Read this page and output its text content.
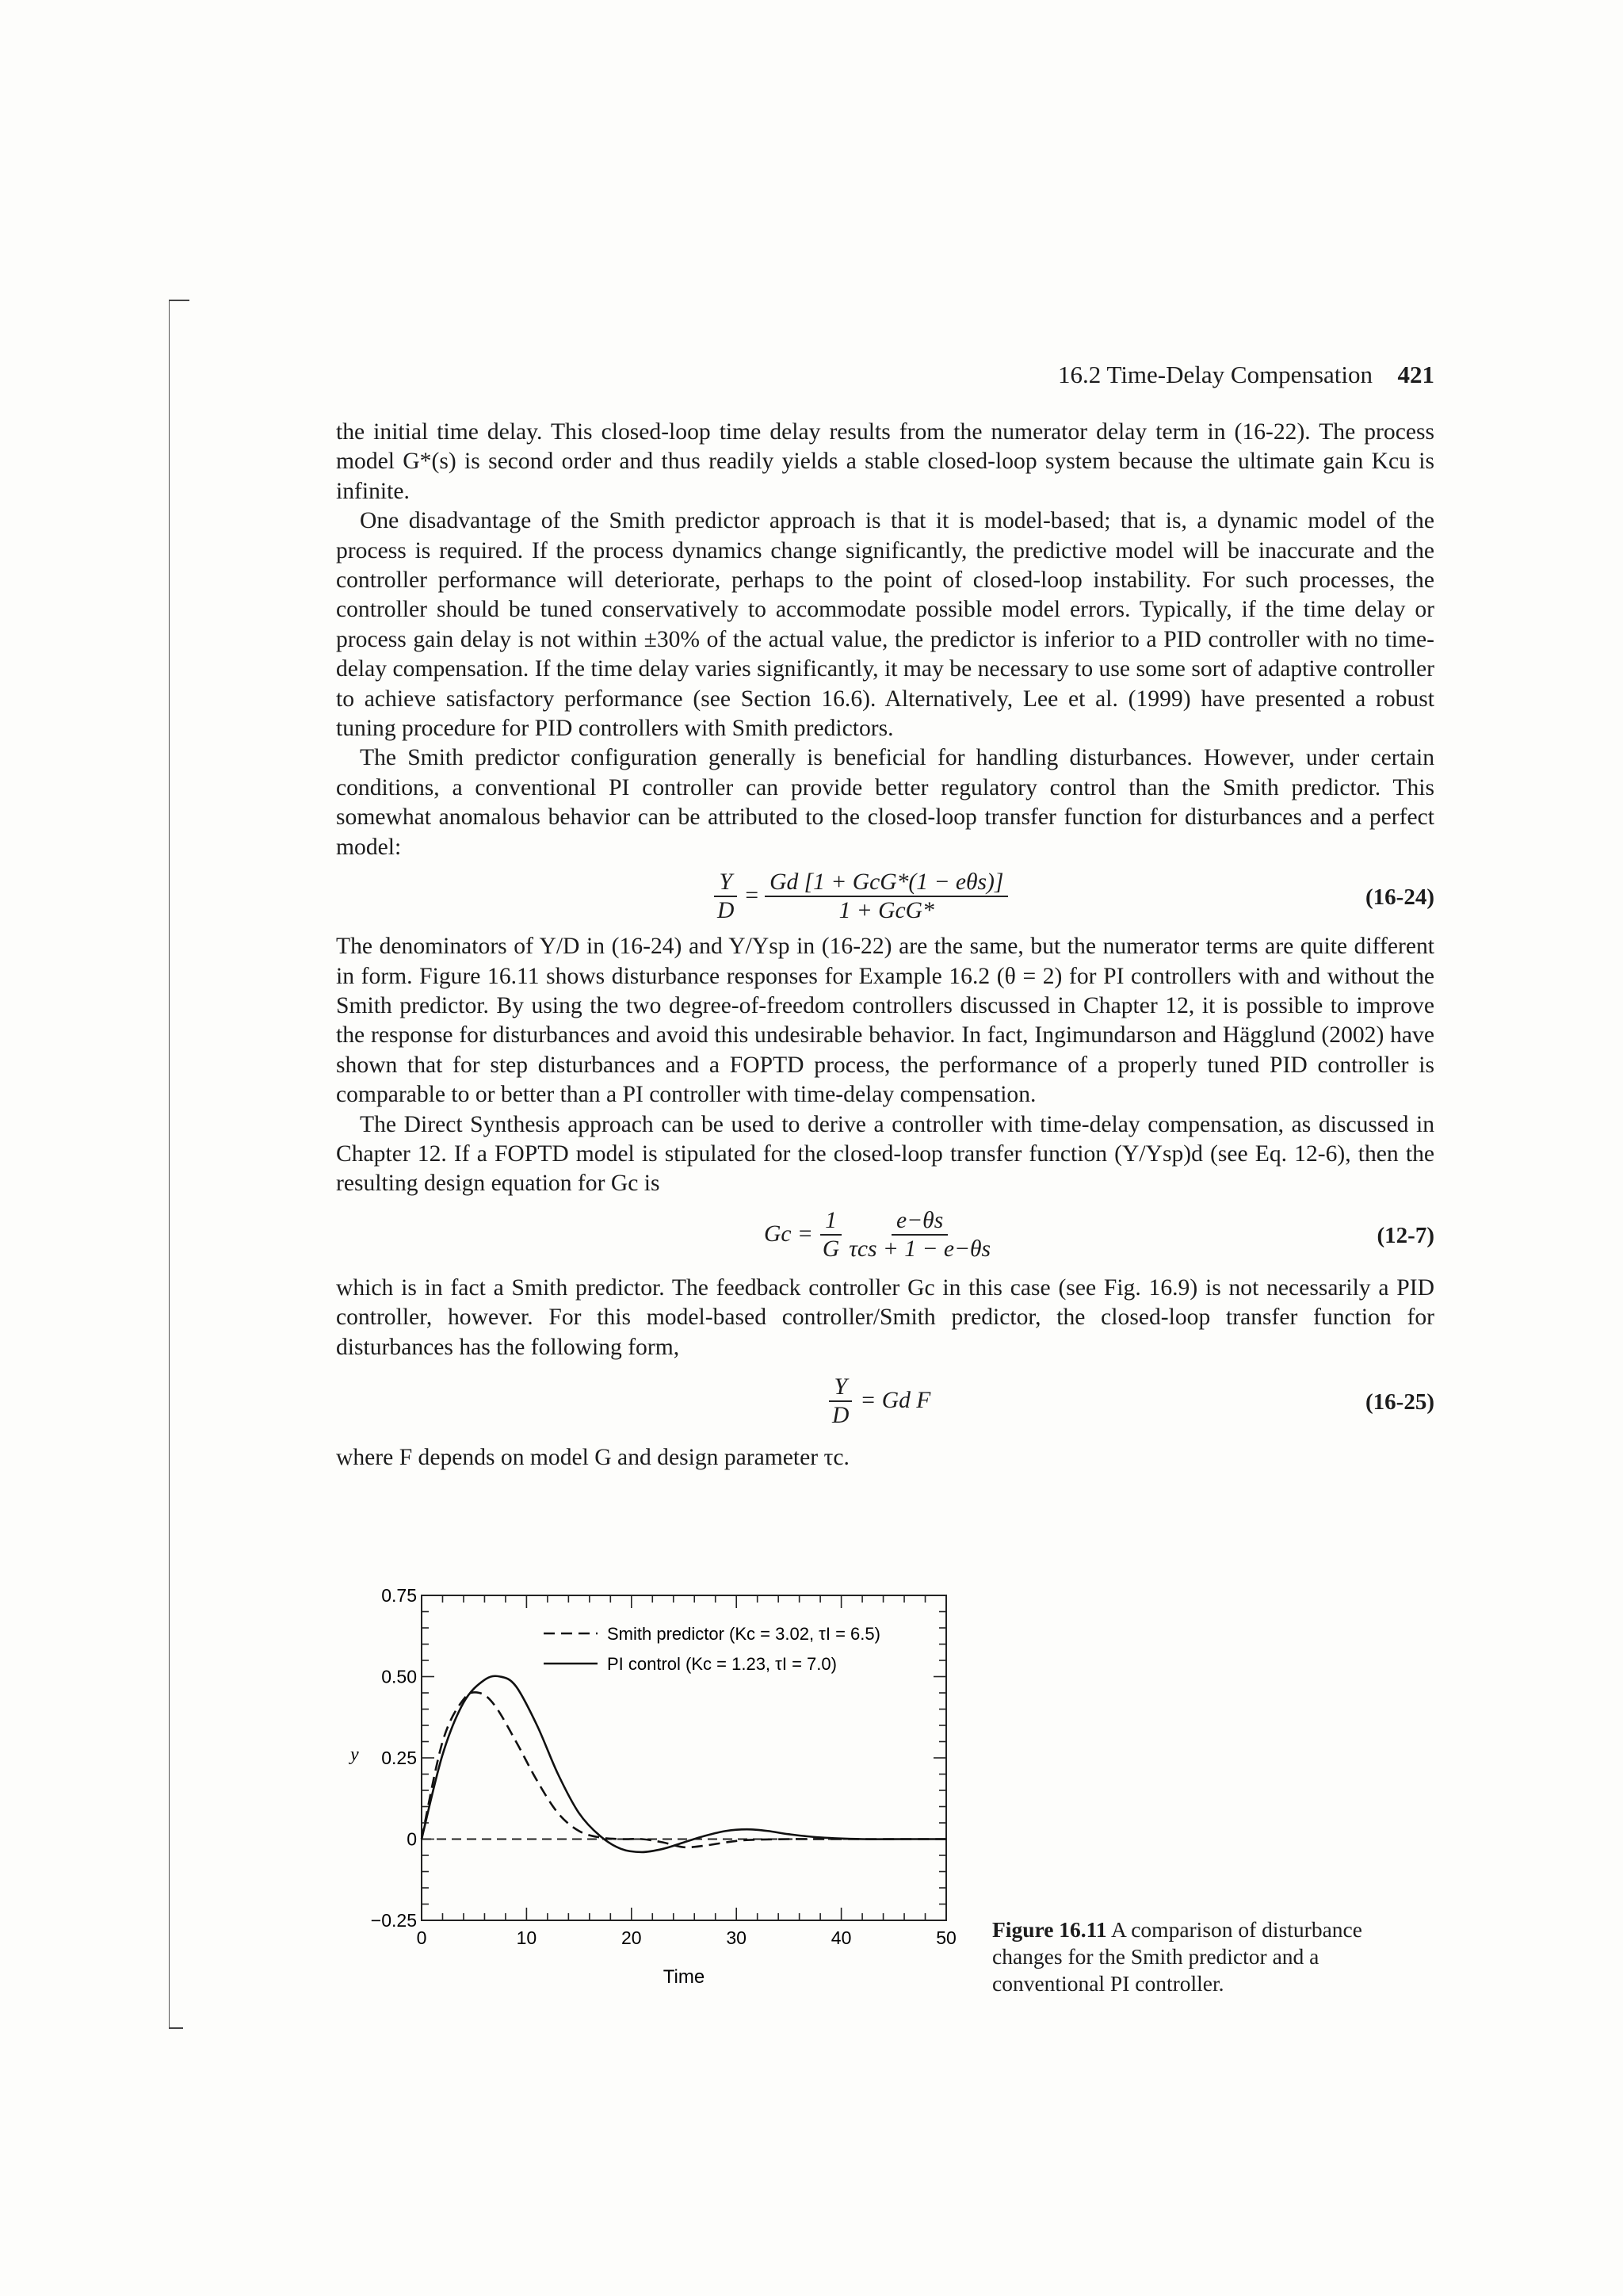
16.2 Time-Delay Compensation 421

the initial time delay. This closed-loop time delay results from the numerator delay term in (16-22). The process model G*(s) is second order and thus readily yields a stable closed-loop system because the ultimate gain Kcu is infinite.

One disadvantage of the Smith predictor approach is that it is model-based; that is, a dynamic model of the process is required. If the process dynamics change significantly, the predictive model will be inaccurate and the controller performance will deteriorate, perhaps to the point of closed-loop instability. For such processes, the controller should be tuned conservatively to accommodate possible model errors. Typically, if the time delay or process gain delay is not within ±30% of the actual value, the predictor is inferior to a PID controller with no time-delay compensation. If the time delay varies significantly, it may be necessary to use some sort of adaptive controller to achieve satisfactory performance (see Section 16.6). Alternatively, Lee et al. (1999) have presented a robust tuning procedure for PID controllers with Smith predictors.

The Smith predictor configuration generally is beneficial for handling disturbances. However, under certain conditions, a conventional PI controller can provide better regulatory control than the Smith predictor. This somewhat anomalous behavior can be attributed to the closed-loop transfer function for disturbances and a perfect model:

$\frac{Y}{D} = \frac{\text{Gd [1 + GcG*(1 − eθs)]}}{\text{1 + GcG*}}$	(16-24)

The denominators of Y/D in (16-24) and Y/Ysp in (16-22) are the same, but the numerator terms are quite different in form. Figure 16.11 shows disturbance responses for Example 16.2 (θ = 2) for PI controllers with and without the Smith predictor. By using the two degree-of-freedom controllers discussed in Chapter 12, it is possible to improve the response for disturbances and avoid this undesirable behavior. In fact, Ingimundarson and Hägglund (2002) have shown that for step disturbances and a FOPTD process, the performance of a properly tuned PID controller is comparable to or better than a PI controller with time-delay compensation.

The Direct Synthesis approach can be used to derive a controller with time-delay compensation, as discussed in Chapter 12. If a FOPTD model is stipulated for the closed-loop transfer function (Y/Ysp)d (see Eq. 12-6), then the resulting design equation for Gc is

$Gc = \frac{1}{G} \frac{e-\theta s}{\text{τcs + 1 − e−θs}}$	(12-7)

which is in fact a Smith predictor. The feedback controller Gc in this case (see Fig. 16.9) is not necessarily a PID controller, however. For this model-based controller/Smith predictor, the closed-loop transfer function for disturbances has the following form,

$\frac{Y}{D} = Gd$ F	(16-25)

where F depends on model G and design parameter τc.

0.75
0.50
0.25
0
−0.25
0	10	20	30	40	50
y
Time
Smith predictor (Kc = 3.02, τI = 6.5)
PI control (Kc = 1.23, τI = 7.0)
Figure 16.11 A comparison of disturbance changes for the Smith predictor and a conventional PI controller.
